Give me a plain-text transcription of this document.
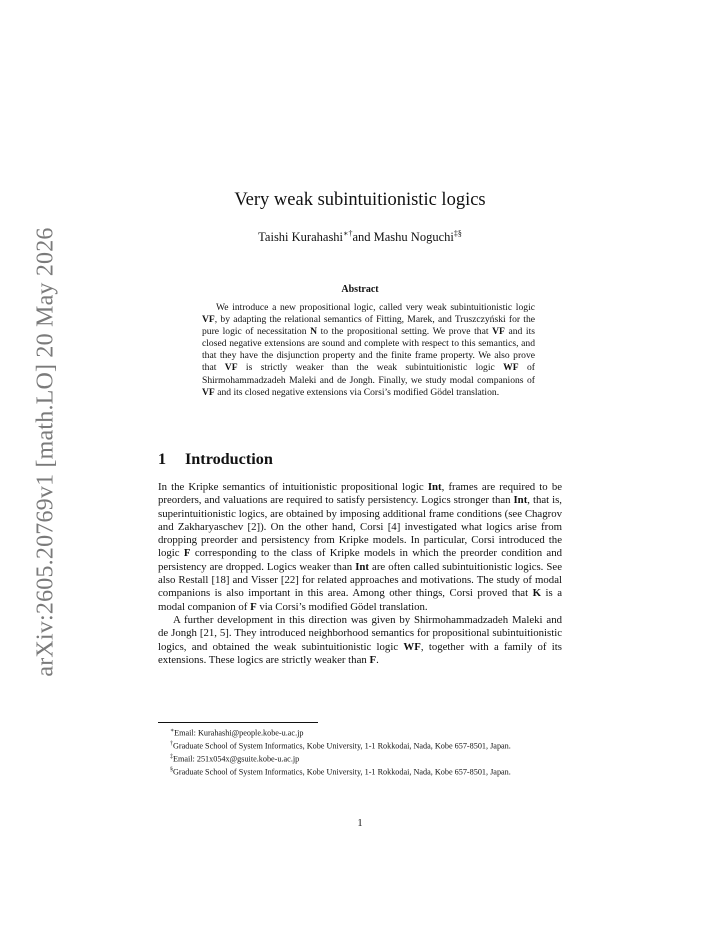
arXiv:2605.20769v1 [math.LO] 20 May 2026
Very weak subintuitionistic logics
Taishi Kurahashi∗†and Mashu Noguchi‡§
Abstract
We introduce a new propositional logic, called very weak subintuitionistic logic VF, by adapting the relational semantics of Fitting, Marek, and Truszczyński for the pure logic of necessitation N to the propositional setting. We prove that VF and its closed negative extensions are sound and complete with respect to this semantics, and that they have the disjunction property and the finite frame property. We also prove that VF is strictly weaker than the weak subintuitionistic logic WF of Shirmohammadzadeh Maleki and de Jongh. Finally, we study modal companions of VF and its closed negative extensions via Corsi’s modified Gödel translation.
1 Introduction

In the Kripke semantics of intuitionistic propositional logic Int, frames are required to be preorders, and valuations are required to satisfy persistency. Logics stronger than Int, that is, superintuitionistic logics, are obtained by imposing additional frame conditions (see Chagrov and Zakharyaschev [2]). On the other hand, Corsi [4] investigated what logics arise from dropping preorder and persistency from Kripke models. In particular, Corsi introduced the logic F corresponding to the class of Kripke models in which the preorder condition and persistency are dropped. Logics weaker than Int are often called subintuitionistic logics. See also Restall [18] and Visser [22] for related approaches and motivations. The study of modal companions is also important in this area. Among other things, Corsi proved that K is a modal companion of F via Corsi’s modified Gödel translation.

A further development in this direction was given by Shirmohammadzadeh Maleki and de Jongh [21, 5]. They introduced neighborhood semantics for propositional subintuitionistic logics, and obtained the weak subintuitionistic logic WF, together with a family of its extensions. These logics are strictly weaker than F.

∗Email: Kurahashi@people.kobe-u.ac.jp

†Graduate School of System Informatics, Kobe University, 1-1 Rokkodai, Nada, Kobe 657-8501, Japan.

‡Email: 251x054x@gsuite.kobe-u.ac.jp

§Graduate School of System Informatics, Kobe University, 1-1 Rokkodai, Nada, Kobe 657-8501, Japan.

1
